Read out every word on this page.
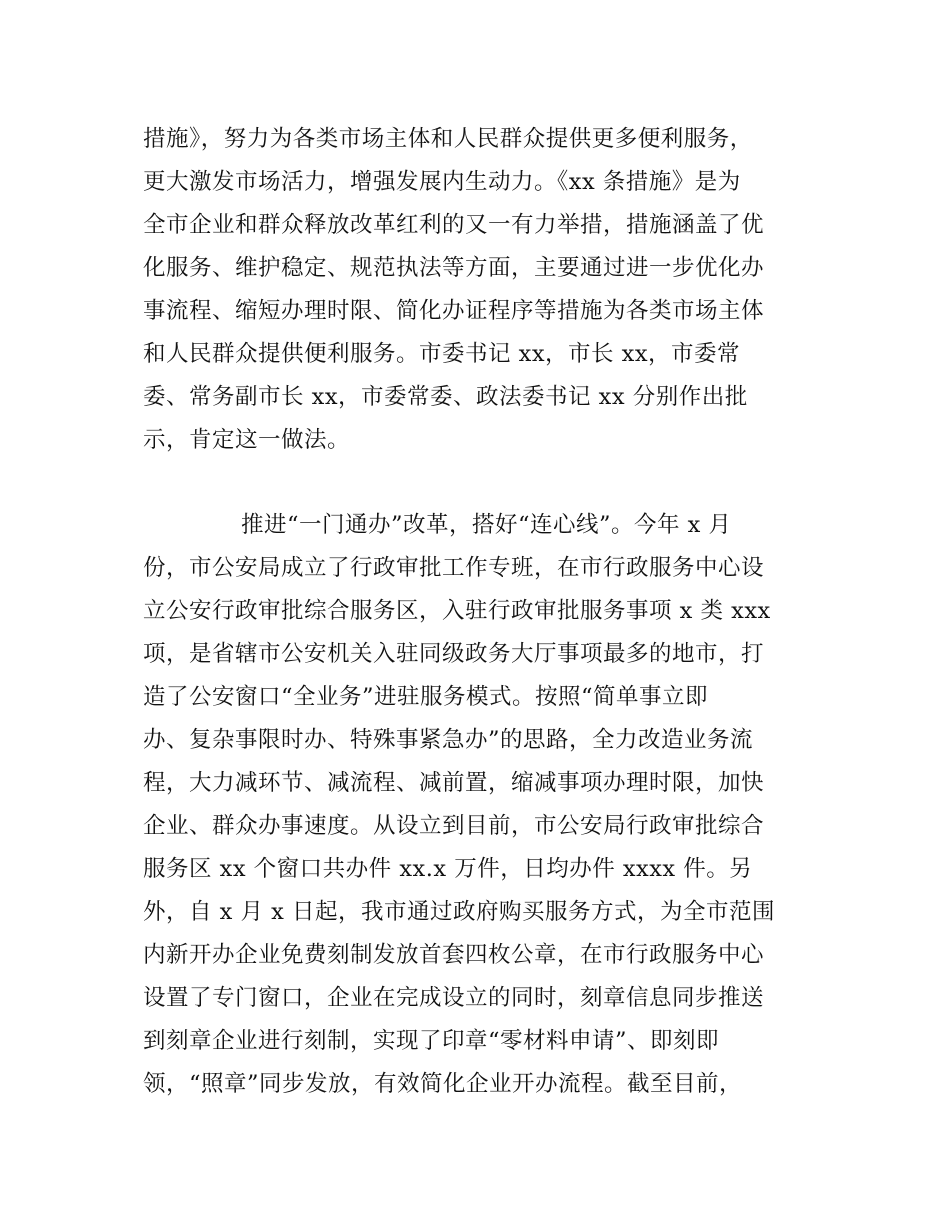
措施》，努力为各类市场主体和人民群众提供更多便利服务，
更大激发市场活力，增强发展内生动力。《xx 条措施》是为
全市企业和群众释放改革红利的又一有力举措，措施涵盖了优
化服务、维护稳定、规范执法等方面，主要通过进一步优化办
事流程、缩短办理时限、简化办证程序等措施为各类市场主体
和人民群众提供便利服务。市委书记 xx，市长 xx，市委常
委、常务副市长 xx，市委常委、政法委书记 xx 分别作出批
示，肯定这一做法。
推进“一门通办”改革，搭好“连心线”。今年 x 月
份，市公安局成立了行政审批工作专班，在市行政服务中心设
立公安行政审批综合服务区，入驻行政审批服务事项 x 类 xxx
项，是省辖市公安机关入驻同级政务大厅事项最多的地市，打
造了公安窗口“全业务”进驻服务模式。按照“简单事立即
办、复杂事限时办、特殊事紧急办”的思路，全力改造业务流
程，大力减环节、减流程、减前置，缩减事项办理时限，加快
企业、群众办事速度。从设立到目前，市公安局行政审批综合
服务区 xx 个窗口共办件 xx.x 万件，日均办件 xxxx 件。另
外，自 x 月 x 日起，我市通过政府购买服务方式，为全市范围
内新开办企业免费刻制发放首套四枚公章，在市行政服务中心
设置了专门窗口，企业在完成设立的同时，刻章信息同步推送
到刻章企业进行刻制，实现了印章“零材料申请”、即刻即
领，“照章”同步发放，有效简化企业开办流程。截至目前，
